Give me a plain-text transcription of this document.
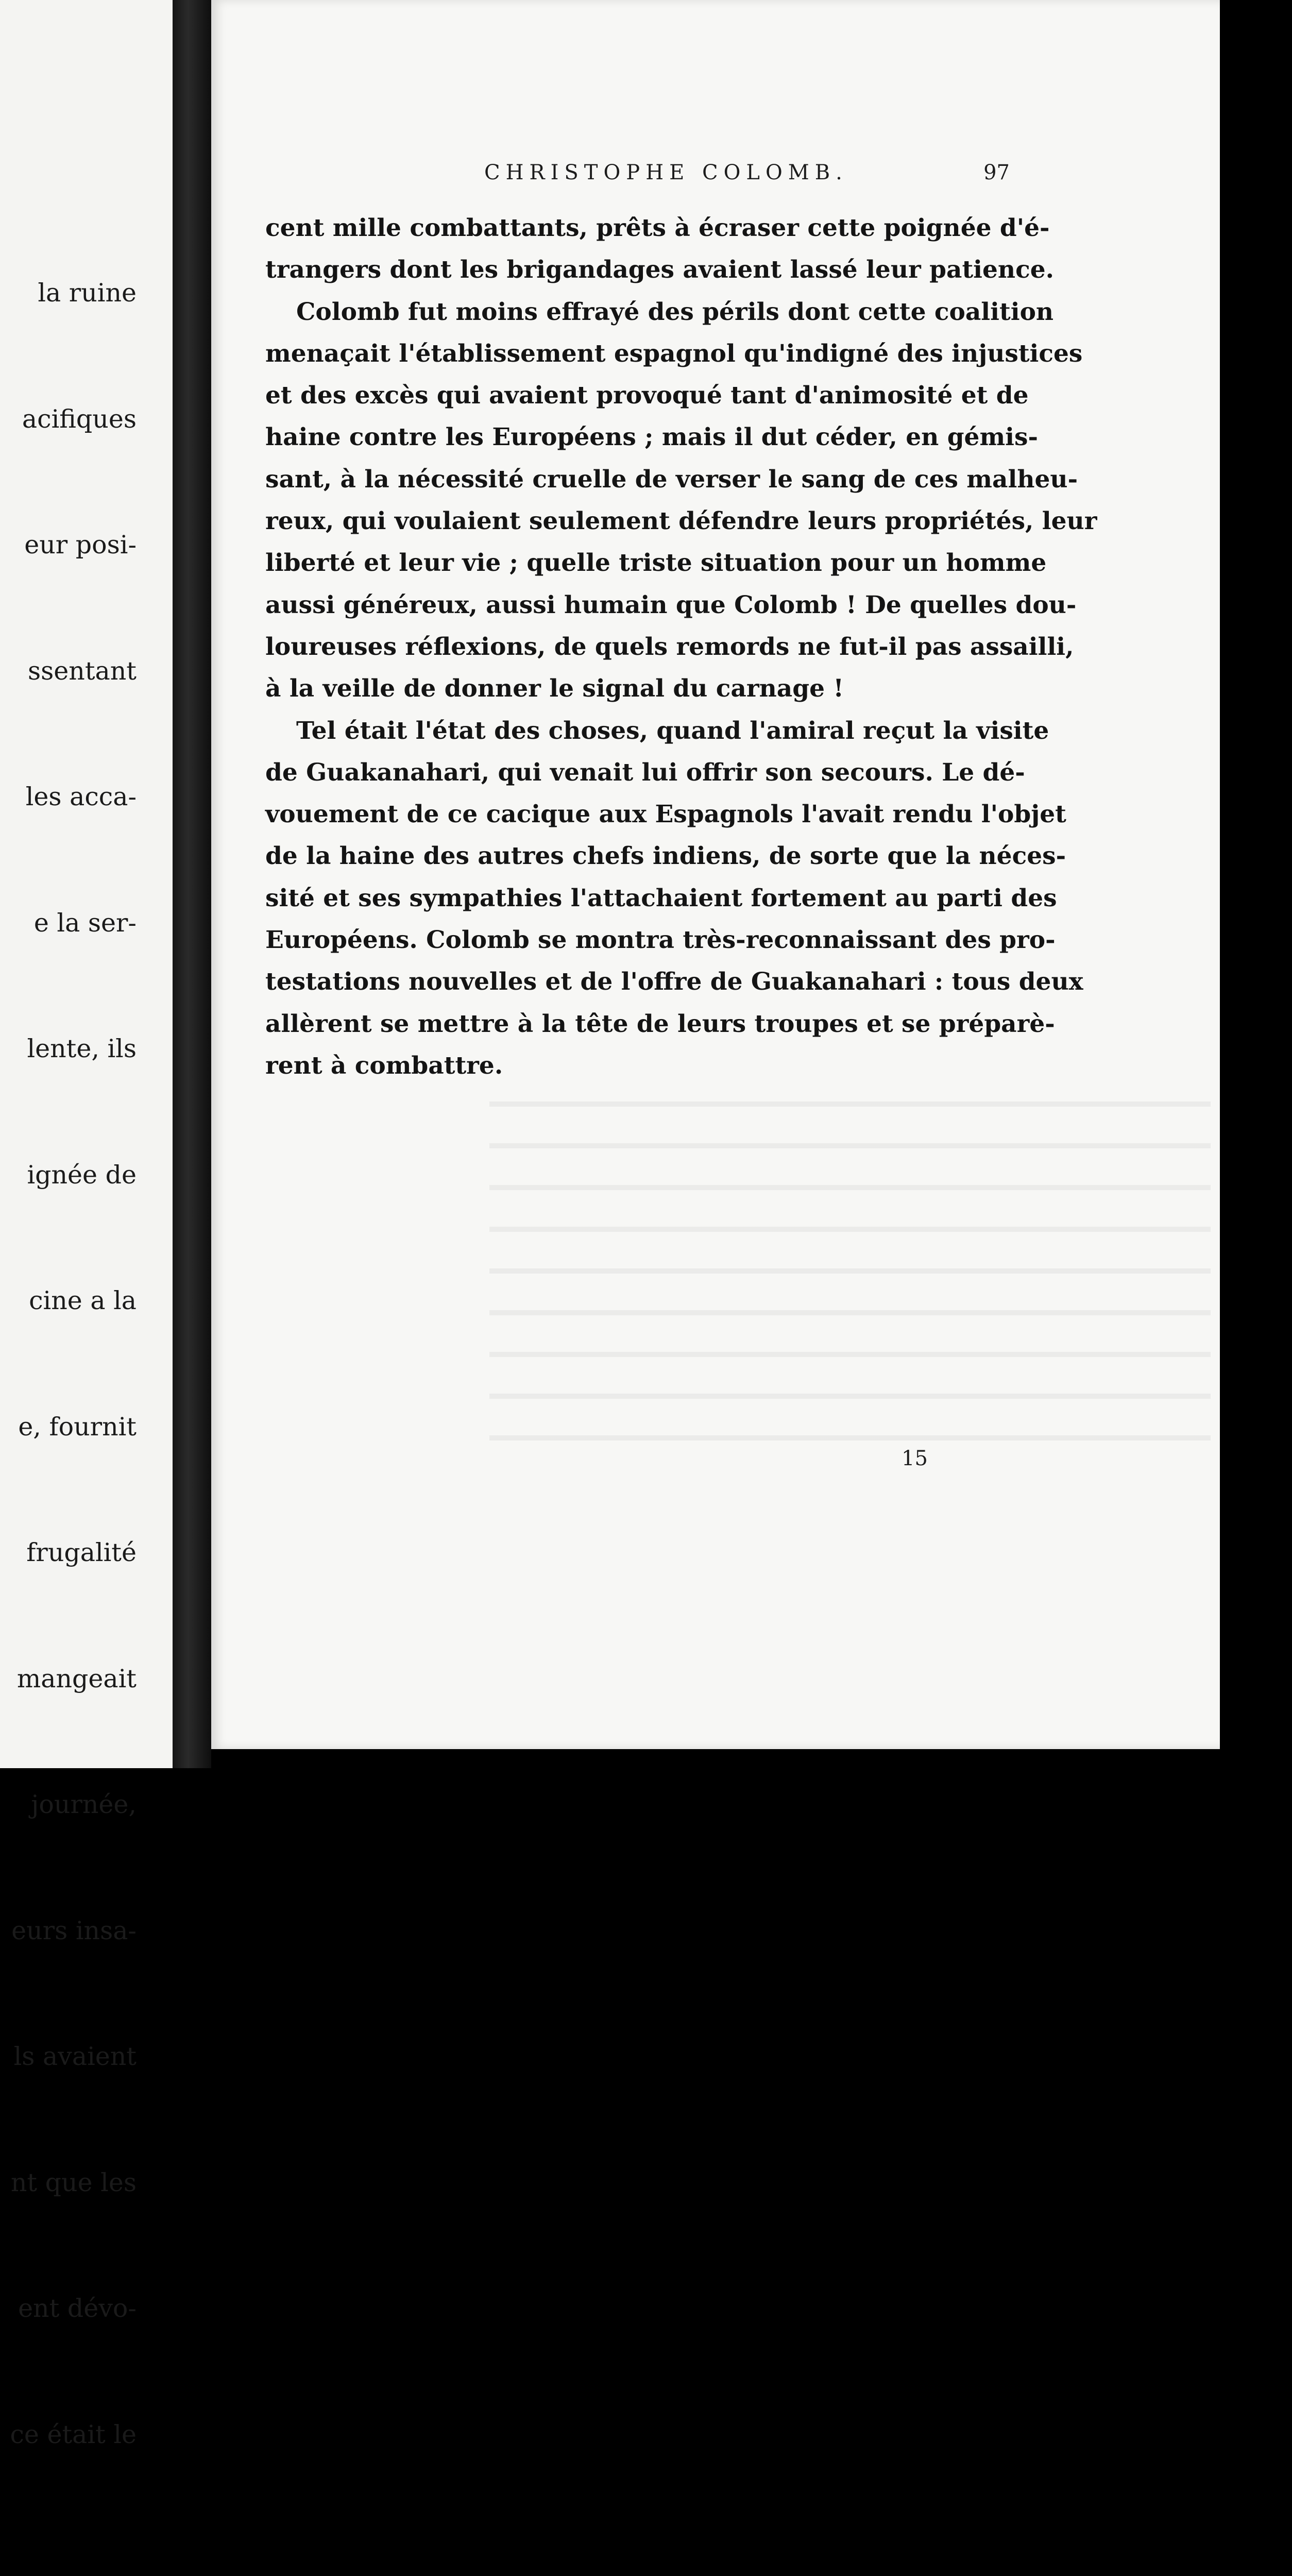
la ruine

acifiques

eur posi-

ssentant

les acca-

e la ser-

lente, ils

ignée de

cine a la

e, fournit

frugalité

mangeait

journée,

eurs insa-

ls avaient

nt que les

ent dévo-

ce était le

CHRISTOPHE COLOMB.	97
cent mille combattants, prêts à écraser cette poignée d'é-
trangers dont les brigandages avaient lassé leur patience.
Colomb fut moins effrayé des périls dont cette coalition
menaçait l'établissement espagnol qu'indigné des injustices
et des excès qui avaient provoqué tant d'animosité et de
haine contre les Européens ; mais il dut céder, en gémis-
sant, à la nécessité cruelle de verser le sang de ces malheu-
reux, qui voulaient seulement défendre leurs propriétés, leur
liberté et leur vie ; quelle triste situation pour un homme
aussi généreux, aussi humain que Colomb ! De quelles dou-
loureuses réflexions, de quels remords ne fut-il pas assailli,
à la veille de donner le signal du carnage !
Tel était l'état des choses, quand l'amiral reçut la visite
de Guakanahari, qui venait lui offrir son secours. Le dé-
vouement de ce cacique aux Espagnols l'avait rendu l'objet
de la haine des autres chefs indiens, de sorte que la néces-
sité et ses sympathies l'attachaient fortement au parti des
Européens. Colomb se montra très-reconnaissant des pro-
testations nouvelles et de l'offre de Guakanahari : tous deux
allèrent se mettre à la tête de leurs troupes et se préparè-
rent à combattre.
15
